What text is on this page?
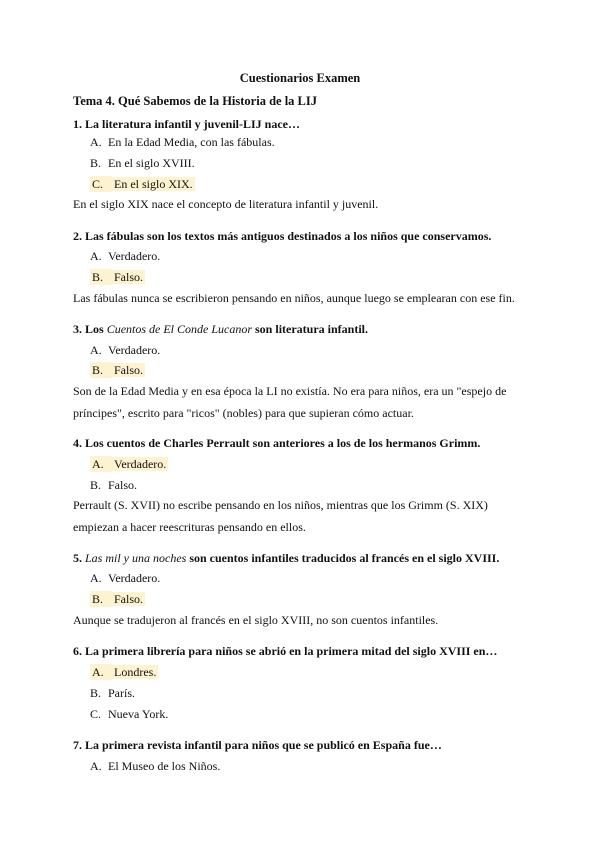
Cuestionarios Examen
Tema 4. Qué Sabemos de la Historia de la LIJ
1. La literatura infantil y juvenil-LIJ nace…
A. En la Edad Media, con las fábulas.
B. En el siglo XVIII.
C. En el siglo XIX.
En el siglo XIX nace el concepto de literatura infantil y juvenil.
2. Las fábulas son los textos más antiguos destinados a los niños que conservamos.
A. Verdadero.
B. Falso.
Las fábulas nunca se escribieron pensando en niños, aunque luego se emplearan con ese fin.
3. Los Cuentos de El Conde Lucanor son literatura infantil.
A. Verdadero.
B. Falso.
Son de la Edad Media y en esa época la LI no existía. No era para niños, era un "espejo de príncipes", escrito para "ricos" (nobles) para que supieran cómo actuar.
4. Los cuentos de Charles Perrault son anteriores a los de los hermanos Grimm.
A. Verdadero.
B. Falso.
Perrault (S. XVII) no escribe pensando en los niños, mientras que los Grimm (S. XIX) empiezan a hacer reescrituras pensando en ellos.
5. Las mil y una noches son cuentos infantiles traducidos al francés en el siglo XVIII.
A. Verdadero.
B. Falso.
Aunque se tradujeron al francés en el siglo XVIII, no son cuentos infantiles.
6. La primera librería para niños se abrió en la primera mitad del siglo XVIII en…
A. Londres.
B. París.
C. Nueva York.
7. La primera revista infantil para niños que se publicó en España fue…
A. El Museo de los Niños.
